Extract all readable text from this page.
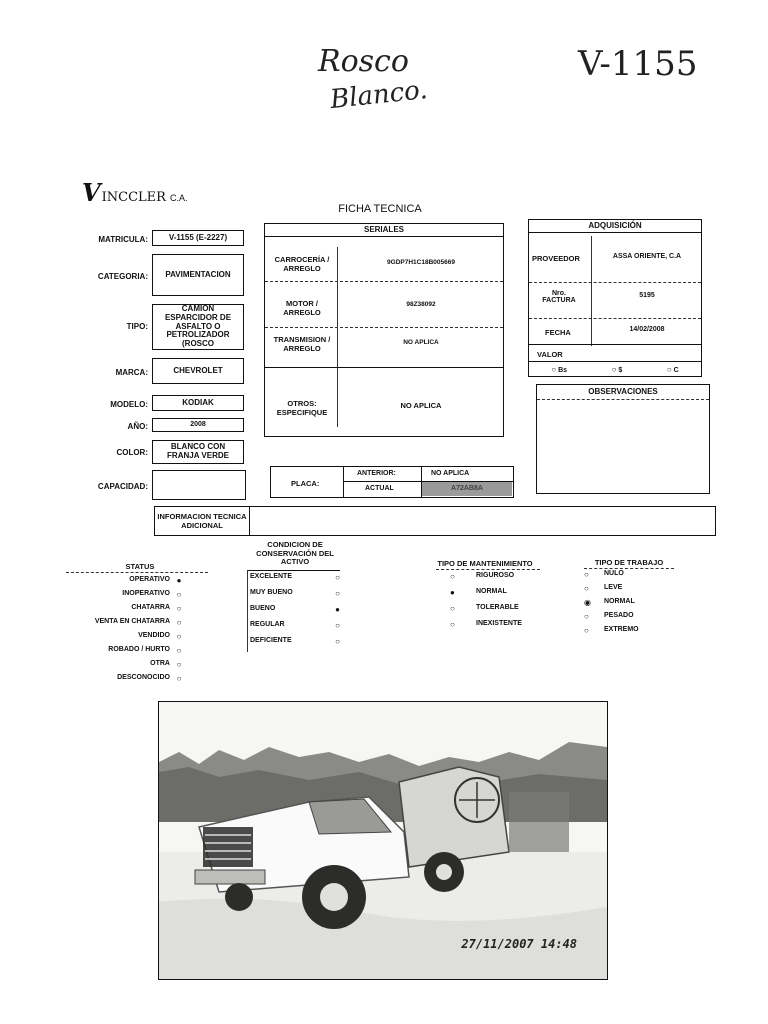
Rosco
Blanco.
V-1155
V INCCLER C.A.
FICHA TECNICA
MATRICULA:	V-1155 (E-2227)
CATEGORIA:	PAVIMENTACION
TIPO:
CAMION ESPARCIDOR DE ASFALTO O PETROLIZADOR (ROSCO
MARCA:	CHEVROLET
MODELO:	KODIAK
AÑO:	2008
COLOR:
BLANCO CON FRANJA VERDE
CAPACIDAD:
SERIALES
CARROCERÍA / ARREGLO
9GDP7H1C18B005669
MOTOR / ARREGLO
98Z38092
TRANSMISION / ARREGLO
NO APLICA
OTROS: ESPECIFIQUE
NO APLICA
PLACA:
ANTERIOR:	NO APLICA
ACTUAL	A72AB8A
ADQUISICIÓN
PROVEEDOR	ASSA ORIENTE, C.A
Nro. FACTURA
5195
FECHA	14/02/2008
VALOR
○ Bs	○ $	○ C
OBSERVACIONES
INFORMACION TECNICA ADICIONAL
STATUS
OPERATIVO ●
INOPERATIVO ○
CHATARRA ○
VENTA EN CHATARRA ○
VENDIDO ○
ROBADO / HURTO ○
OTRA ○
DESCONOCIDO ○
CONDICION DE CONSERVACIÓN DEL ACTIVO
EXCELENTE	○
MUY BUENO	○
BUENO	●
REGULAR	○
DEFICIENTE	○
TIPO DE MANTENIMIENTO
○	RIGUROSO
●	NORMAL
○	TOLERABLE
○	INEXISTENTE
TIPO DE TRABAJO
○	NULO
○	LEVE
◉	NORMAL
○	PESADO
○	EXTREMO
27/11/2007 14:48
